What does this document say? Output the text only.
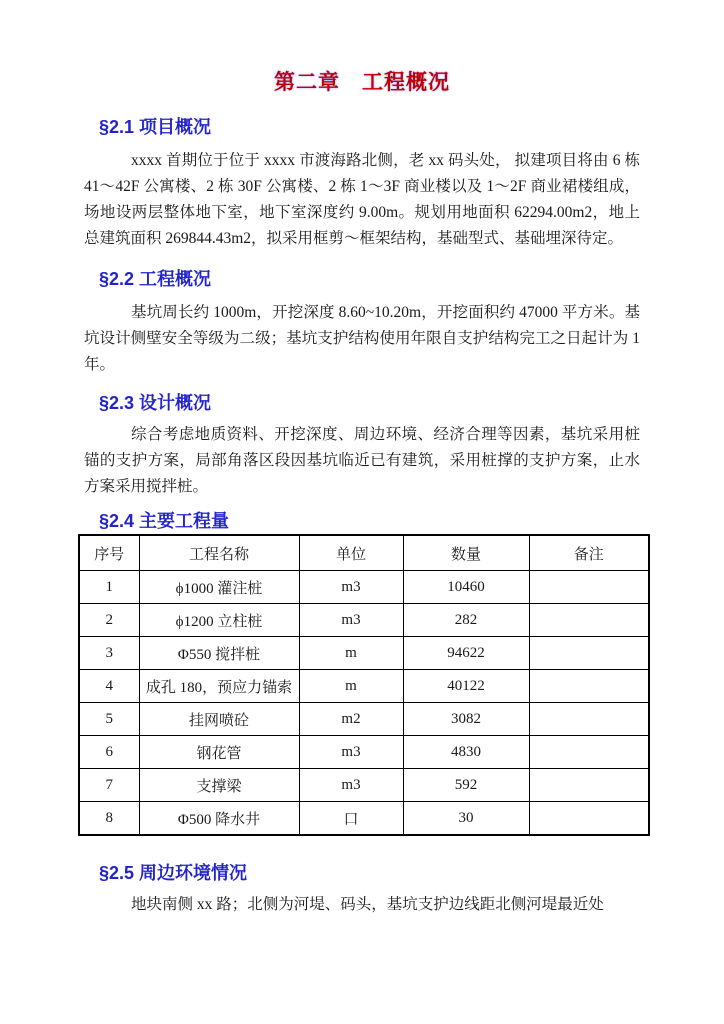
第二章　工程概况
§2.1 项目概况

xxxx 首期位于位于 xxxx 市渡海路北侧，老 xx 码头处， 拟建项目将由 6 栋 41～42F 公寓楼、2 栋 30F 公寓楼、2 栋 1～3F 商业楼以及 1～2F 商业裙楼组成，场地设两层整体地下室，地下室深度约 9.00m。规划用地面积 62294.00m2，地上总建筑面积 269844.43m2，拟采用框剪～框架结构，基础型式、基础埋深待定。

§2.2 工程概况

基坑周长约 1000m，开挖深度 8.60~10.20m，开挖面积约 47000 平方米。基坑设计侧壁安全等级为二级；基坑支护结构使用年限自支护结构完工之日起计为 1 年。

§2.3 设计概况

综合考虑地质资料、开挖深度、周边环境、经济合理等因素，基坑采用桩锚的支护方案，局部角落区段因基坑临近已有建筑，采用桩撑的支护方案，止水方案采用搅拌桩。

§2.4 主要工程量
序号	工程名称	单位	数量	备注
1	ϕ1000 灌注桩	m3	10460	
2	ϕ1200 立柱桩	m3	282	
3	Φ550 搅拌桩	m	94622	
4	成孔 180，预应力锚索	m	40122	
5	挂网喷砼	m2	3082	
6	钢花管	m3	4830	
7	支撑梁	m3	592	
8	Φ500 降水井	口	30	
§2.5 周边环境情况

地块南侧 xx 路；北侧为河堤、码头，基坑支护边线距北侧河堤最近处
